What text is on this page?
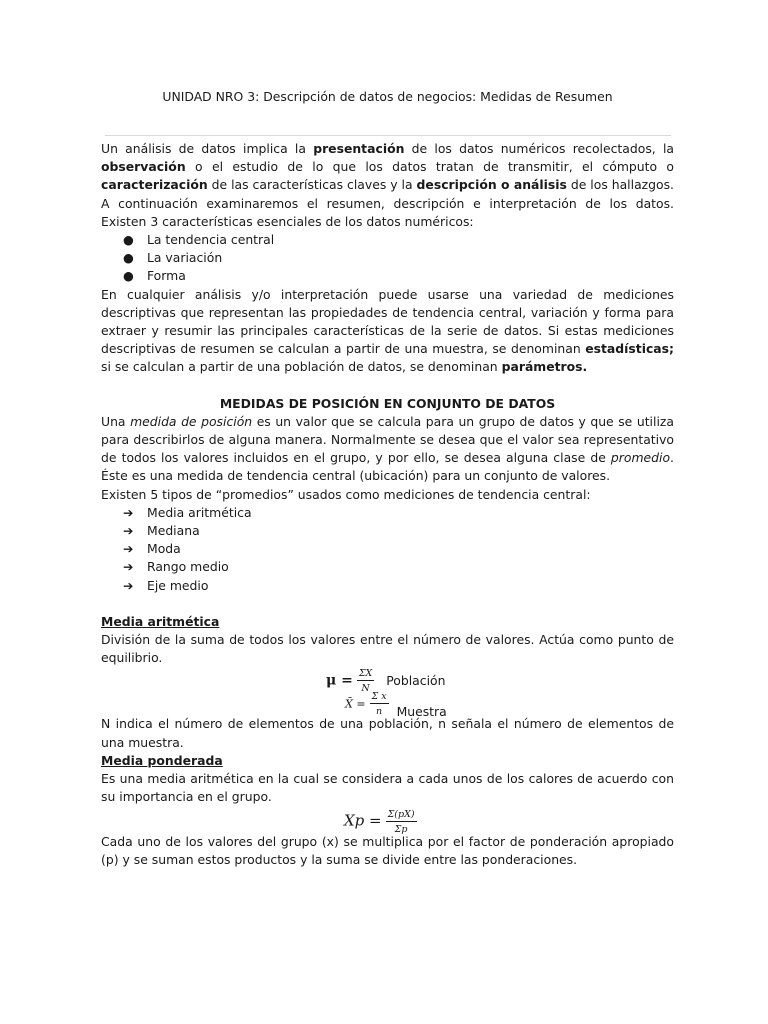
UNIDAD NRO 3: Descripción de datos de negocios: Medidas de Resumen

Un análisis de datos implica la presentación de los datos numéricos recolectados, la observación o el estudio de lo que los datos tratan de transmitir, el cómputo o caracterización de las características claves y la descripción o análisis de los hallazgos. A continuación examinaremos el resumen, descripción e interpretación de los datos. Existen 3 características esenciales de los datos numéricos:

●	La tendencia central
●	La variación
●	Forma

En cualquier análisis y/o interpretación puede usarse una variedad de mediciones descriptivas que representan las propiedades de tendencia central, variación y forma para extraer y resumir las principales características de la serie de datos. Si estas mediciones descriptivas de resumen se calculan a partir de una muestra, se denominan estadísticas; si se calculan a partir de una población de datos, se denominan parámetros.

MEDIDAS DE POSICIÓN EN CONJUNTO DE DATOS

Una medida de posición es un valor que se calcula para un grupo de datos y que se utiliza para describirlos de alguna manera. Normalmente se desea que el valor sea representativo de todos los valores incluidos en el grupo, y por ello, se desea alguna clase de promedio. Éste es una medida de tendencia central (ubicación) para un conjunto de valores.

Existen 5 tipos de “promedios” usados como mediciones de tendencia central:

➔	Media aritmética
➔	Mediana
➔	Moda
➔	Rango medio
➔	Eje medio
Media aritmética

División de la suma de todos los valores entre el número de valores. Actúa como punto de equilibrio.

$\mu = \frac{\Sigma X}{N}$ Población
X̄ = $\frac{\text{Σ x}}{n}$ Muestra

N indica el número de elementos de una población, n señala el número de elementos de una muestra.

Media ponderada

Es una media aritmética en la cual se considera a cada unos de los calores de acuerdo con su importancia en el grupo.

$Xp = \frac{\Sigma(pX)}{\Sigma p}$

Cada uno de los valores del grupo (x) se multiplica por el factor de ponderación apropiado (p) y se suman estos productos y la suma se divide entre las ponderaciones.
